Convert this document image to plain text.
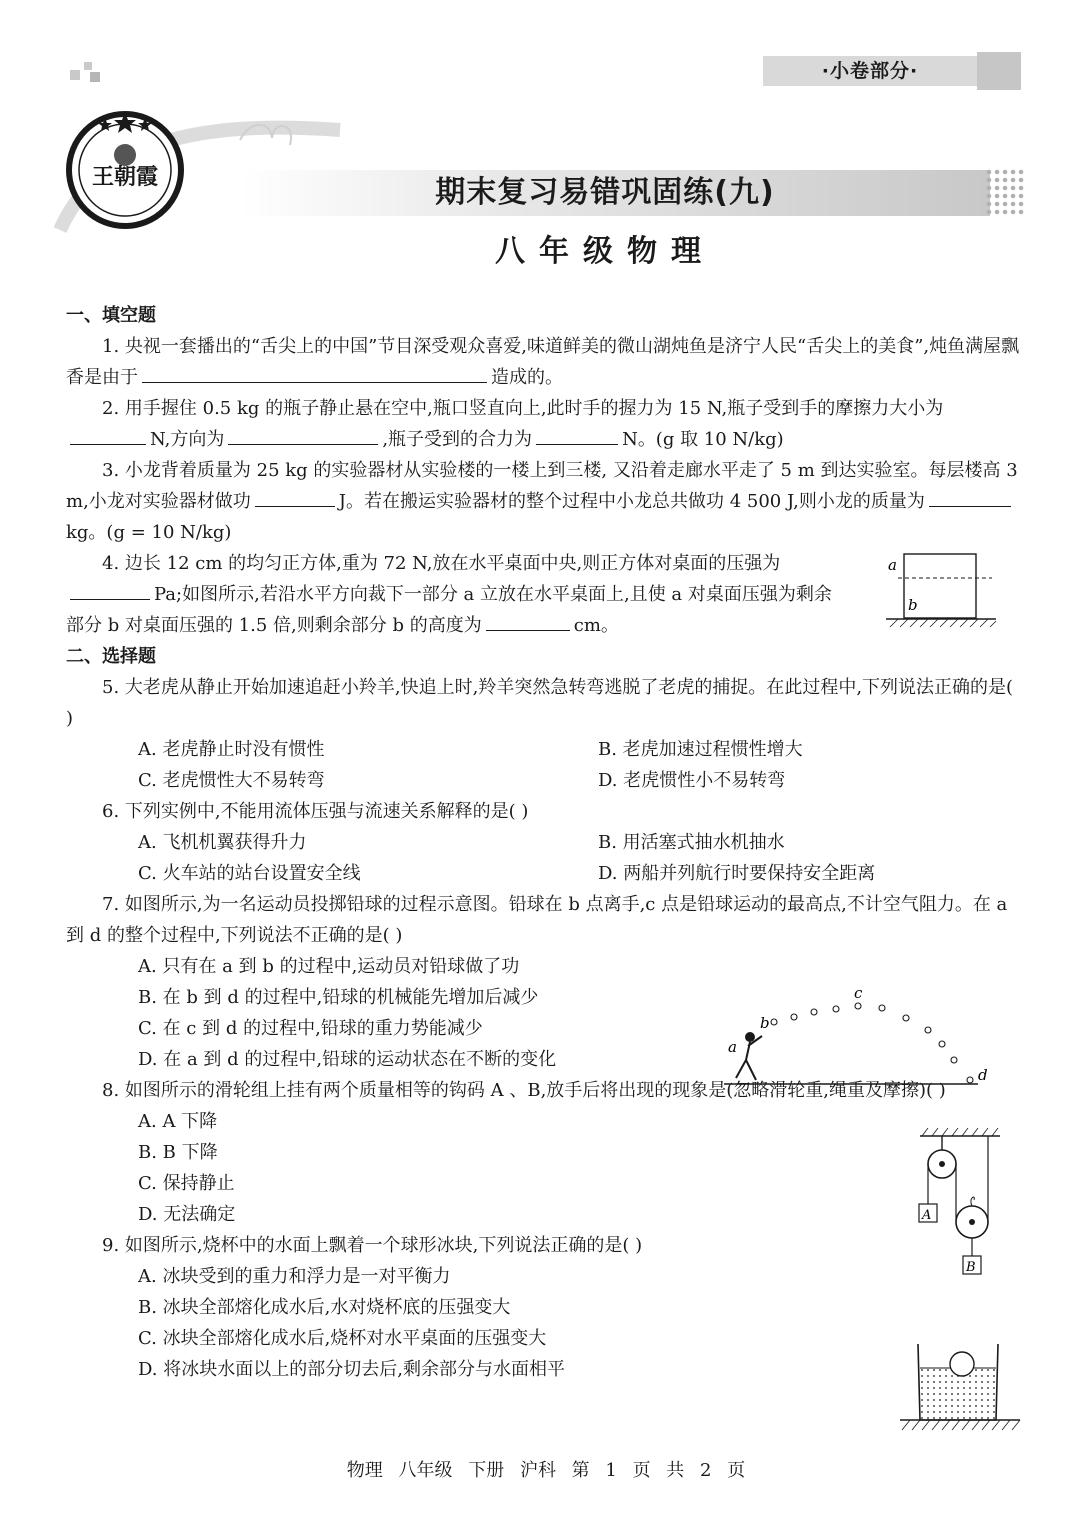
·小卷部分·
王朝霞	期末复习易错巩固练(九)
八年级物理
一、填空题

1. 央视一套播出的“舌尖上的中国”节目深受观众喜爱,味道鲜美的微山湖炖鱼是济宁人民“舌尖上的美食”,炖鱼满屋飘香是由于	造成的。

2. 用手握住 0.5 kg 的瓶子静止悬在空中,瓶口竖直向上,此时手的握力为 15 N,瓶子受到手的摩擦力大小为N,方向为	,瓶子受到的合力为	N。(g 取 10 N/kg)

3. 小龙背着质量为 25 kg 的实验器材从实验楼的一楼上到三楼, 又沿着走廊水平走了 5 m 到达实验室。每层楼高 3 m,小龙对实验器材做功	J。若在搬运实验器材的整个过程中小龙总共做功 4 500 J,则小龙的质量为kg。(g = 10 N/kg)

4. 边长 12 cm 的均匀正方体,重为 72 N,放在水平桌面中央,则正方体对桌面的压强为Pa;如图所示,若沿水平方向裁下一部分 a 立放在水平桌面上,且使 a 对桌面压强为剩余部分 b 对桌面压强的 1.5 倍,则剩余部分 b 的高度为	cm。

二、选择题

5. 大老虎从静止开始加速追赶小羚羊,快追上时,羚羊突然急转弯逃脱了老虎的捕捉。在此过程中,下列说法正确的是( )

A. 老虎静止时没有惯性	B. 老虎加速过程惯性增大
C. 老虎惯性大不易转弯	D. 老虎惯性小不易转弯

6. 下列实例中,不能用流体压强与流速关系解释的是( )

A. 飞机机翼获得升力	B. 用活塞式抽水机抽水
C. 火车站的站台设置安全线	D. 两船并列航行时要保持安全距离

7. 如图所示,为一名运动员投掷铅球的过程示意图。铅球在 b 点离手,c 点是铅球运动的最高点,不计空气阻力。在 a 到 d 的整个过程中,下列说法不正确的是( )

A. 只有在 a 到 b 的过程中,运动员对铅球做了功
B. 在 b 到 d 的过程中,铅球的机械能先增加后减少
C. 在 c 到 d 的过程中,铅球的重力势能减少
D. 在 a 到 d 的过程中,铅球的运动状态在不断的变化

8. 如图所示的滑轮组上挂有两个质量相等的钩码 A 、B,放手后将出现的现象是(忽略滑轮重,绳重及摩擦)( )

A. A 下降
B. B 下降
C. 保持静止
D. 无法确定

9. 如图所示,烧杯中的水面上飘着一个球形冰块,下列说法正确的是( )

A. 冰块受到的重力和浮力是一对平衡力
B. 冰块全部熔化成水后,水对烧杯底的压强变大
C. 冰块全部熔化成水后,烧杯对水平桌面的压强变大
D. 将冰块水面以上的部分切去后,剩余部分与水面相平
a
b
a
b
c
d
A
B
物理 八年级 下册 沪科 第 1 页 共 2 页
